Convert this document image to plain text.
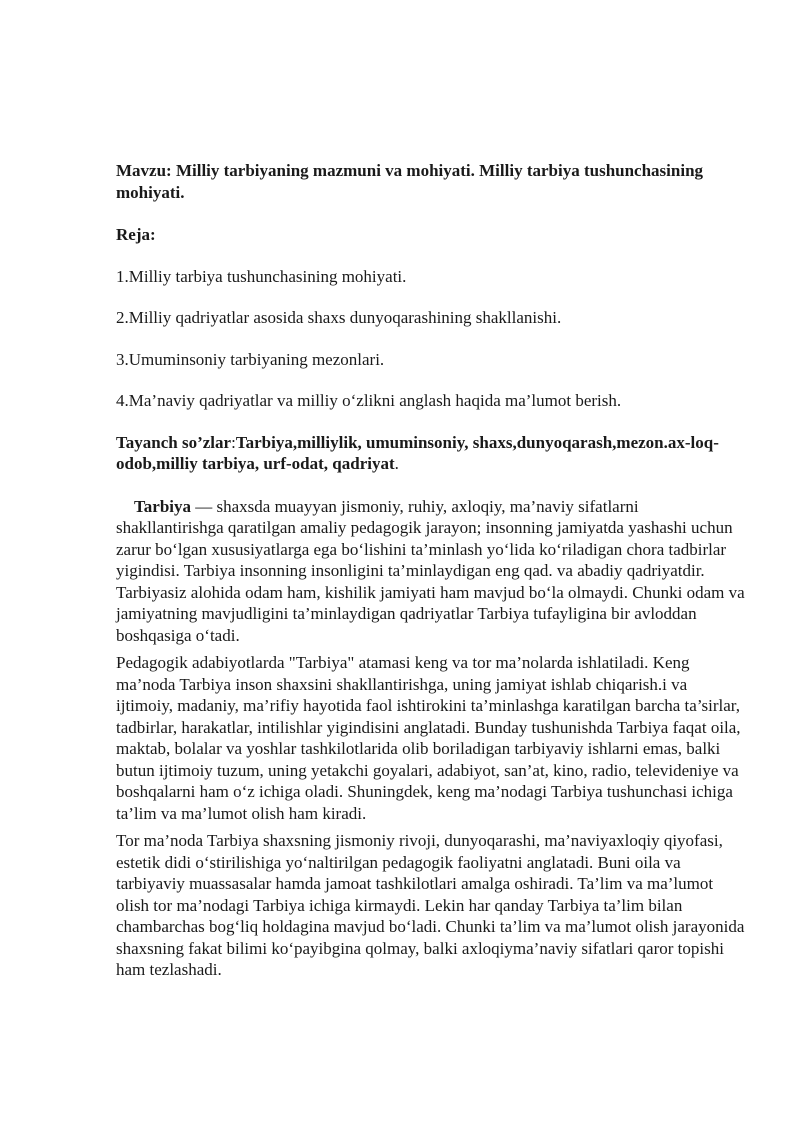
Mavzu: Milliy tarbiyaning mazmuni va mohiyati. Milliy tarbiya tushunchasining mohiyati.

Reja:

1.Milliy tarbiya tushunchasining mohiyati.

2.Milliy qadriyatlar asosida shaxs dunyoqarashining shakllanishi.

3.Umuminsoniy tarbiyaning mezonlari.

4.Ma’naviy qadriyatlar va milliy o‘zlikni anglash haqida ma’lumot berish.

Tayanch so’zlar:Tarbiya,milliylik, umuminsoniy, shaxs,dunyoqarash,mezon.ax-loq-odob,milliy tarbiya, urf-odat, qadriyat.

Tarbiya — shaxsda muayyan jismoniy, ruhiy, axloqiy, ma’naviy sifatlarni shakllantirishga qaratilgan amaliy pedagogik jarayon; insonning jamiyatda yashashi uchun zarur bo‘lgan xususiyatlarga ega bo‘lishini ta’minlash yo‘lida ko‘riladigan chora tadbirlar yigindisi. Tarbiya insonning insonligini ta’minlaydigan eng qad. va abadiy qadriyatdir. Tarbiyasiz alohida odam ham, kishilik jamiyati ham mavjud bo‘la olmaydi. Chunki odam va jamiyatning mavjudligini ta’minlaydigan qadriyatlar Tarbiya tufayligina bir avloddan boshqasiga o‘tadi.

Pedagogik adabiyotlarda "Tarbiya" atamasi keng va tor ma’nolarda ishlatiladi. Keng ma’noda Tarbiya inson shaxsini shakllantirishga, uning jamiyat ishlab chiqarish.i va ijtimoiy, madaniy, ma’rifiy hayotida faol ishtirokini ta’minlashga karatilgan barcha ta’sirlar, tadbirlar, harakatlar, intilishlar yigindisini anglatadi. Bunday tushunishda Tarbiya faqat oila, maktab, bolalar va yoshlar tashkilotlarida olib boriladigan tarbiyaviy ishlarni emas, balki butun ijtimoiy tuzum, uning yetakchi goyalari, adabiyot, san’at, kino, radio, televideniye va boshqalarni ham o‘z ichiga oladi. Shuningdek, keng ma’nodagi Tarbiya tushunchasi ichiga ta’lim va ma’lumot olish ham kiradi.

Tor ma’noda Tarbiya shaxsning jismoniy rivoji, dunyoqarashi, ma’naviyaxloqiy qiyofasi, estetik didi o‘stirilishiga yo‘naltirilgan pedagogik faoliyatni anglatadi. Buni oila va tarbiyaviy muassasalar hamda jamoat tashkilotlari amalga oshiradi. Ta’lim va ma’lumot olish tor ma’nodagi Tarbiya ichiga kirmaydi. Lekin har qanday Tarbiya ta’lim bilan chambarchas bog‘liq holdagina mavjud bo‘ladi. Chunki ta’lim va ma’lumot olish jarayonida shaxsning fakat bilimi ko‘payibgina qolmay, balki axloqiyma’naviy sifatlari qaror topishi ham tezlashadi.
